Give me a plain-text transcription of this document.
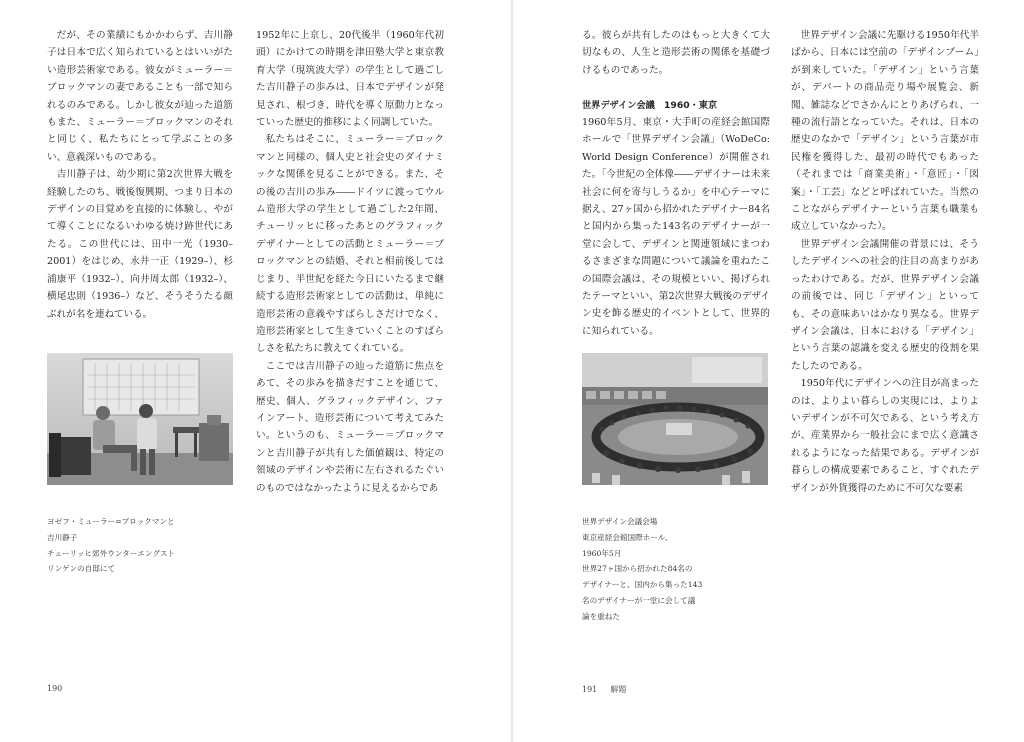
だが、その業績にもかかわらず、吉川静子は日本で広く知られているとはいいがたい造形芸術家である。彼女がミューラー＝ブロックマンの妻であることも一部で知られるのみである。しかし彼女が辿った道筋もまた、ミューラー＝ブロックマンのそれと同じく、私たちにとって学ぶことの多い、意義深いものである。

吉川静子は、幼少期に第2次世界大戦を経験したのち、戦後復興期、つまり日本のデザインの目覚めを直接的に体験し、やがて導くことになるいわゆる焼け跡世代にあたる。この世代には、田中一光（1930–2001）をはじめ、永井一正（1929–）、杉浦康平（1932–）、向井周太郎（1932–）、横尾忠則（1936–）など、そうそうたる顔ぶれが名を連ねている。

1952年に上京し、20代後半（1960年代初頭）にかけての時期を津田塾大学と東京教育大学（現筑波大学）の学生として過ごした吉川静子の歩みは、日本でデザインが発見され、根づき、時代を導く原動力となっていった歴史的推移によく同調していた。

私たちはそこに、ミューラー＝ブロックマンと同様の、個人史と社会史のダイナミックな関係を見ることができる。また、その後の吉川の歩み――ドイツに渡ってウルム造形大学の学生として過ごした2年間、チューリッヒに移ったあとのグラフィックデザイナーとしての活動とミューラー＝ブロックマンとの結婚、それと相前後してはじまり、半世紀を経た今日にいたるまで継続する造形芸術家としての活動は、単純に造形芸術の意義やすばらしさだけでなく、造形芸術家として生きていくことのすばらしさを私たちに教えてくれている。

ここでは吉川静子の辿った道筋に焦点をあて、その歩みを描きだすことを通じて、歴史、個人、グラフィックデザイン、ファインアート、造形芸術について考えてみたい。というのも、ミューラー＝ブロックマンと吉川静子が共有した価値観は、特定の領域のデザインや芸術に左右されるたぐいのものではなかったように見えるからであ

ヨゼフ・ミューラー=ブロックマンと
吉川静子
チューリッヒ郊外ウンターエングスト
リンゲンの自邸にて
190

る。彼らが共有したのはもっと大きくて大切なもの、人生と造形芸術の関係を基礎づけるものであった。

世界デザイン会議　1960・東京

1960年5月、東京・大手町の産経会館国際ホールで「世界デザイン会議」（WoDeCo: World Design Conference）が開催された。「今世紀の全体像――デザイナーは未来社会に何を寄与しうるか」を中心テーマに据え、27ヶ国から招かれたデザイナー84名と国内から集った143名のデザイナーが一堂に会して、デザインと関連領域にまつわるさまざまな問題について議論を重ねたこの国際会議は、その規模といい、掲げられたテーマといい、第2次世界大戦後のデザイン史を飾る歴史的イベントとして、世界的に知られている。

世界デザイン会議に先駆ける1950年代半ばから、日本には空前の「デザインブーム」が到来していた。「デザイン」という言葉が、デパートの商品売り場や展覧会、新聞、雑誌などでさかんにとりあげられ、一種の流行語となっていた。それは、日本の歴史のなかで「デザイン」という言葉が市民権を獲得した、最初の時代でもあった（それまでは「商業美術」・「意匠」・「図案」・「工芸」などと呼ばれていた。当然のことながらデザイナーという言葉も職業も成立していなかった）。

世界デザイン会議開催の背景には、そうしたデザインへの社会的注目の高まりがあったわけである。だが、世界デザイン会議の前後では、同じ「デザイン」といっても、その意味あいはかなり異なる。世界デザイン会議は、日本における「デザイン」という言葉の認識を変える歴史的役割を果たしたのである。

1950年代にデザインへの注目が高まったのは、よりよい暮らしの実現には、よりよいデザインが不可欠である、という考え方が、産業界から一般社会にまで広く意識されるようになった結果である。デザインが暮らしの構成要素であること、すぐれたデザインが外貨獲得のために不可欠な要素

世界デザイン会議会場
東京産経会館国際ホール、
1960年5月
世界27ヶ国から招かれた84名の
デザイナーと、国内から集った143
名のデザイナーが一堂に会して議
論を重ねた
191 解題
